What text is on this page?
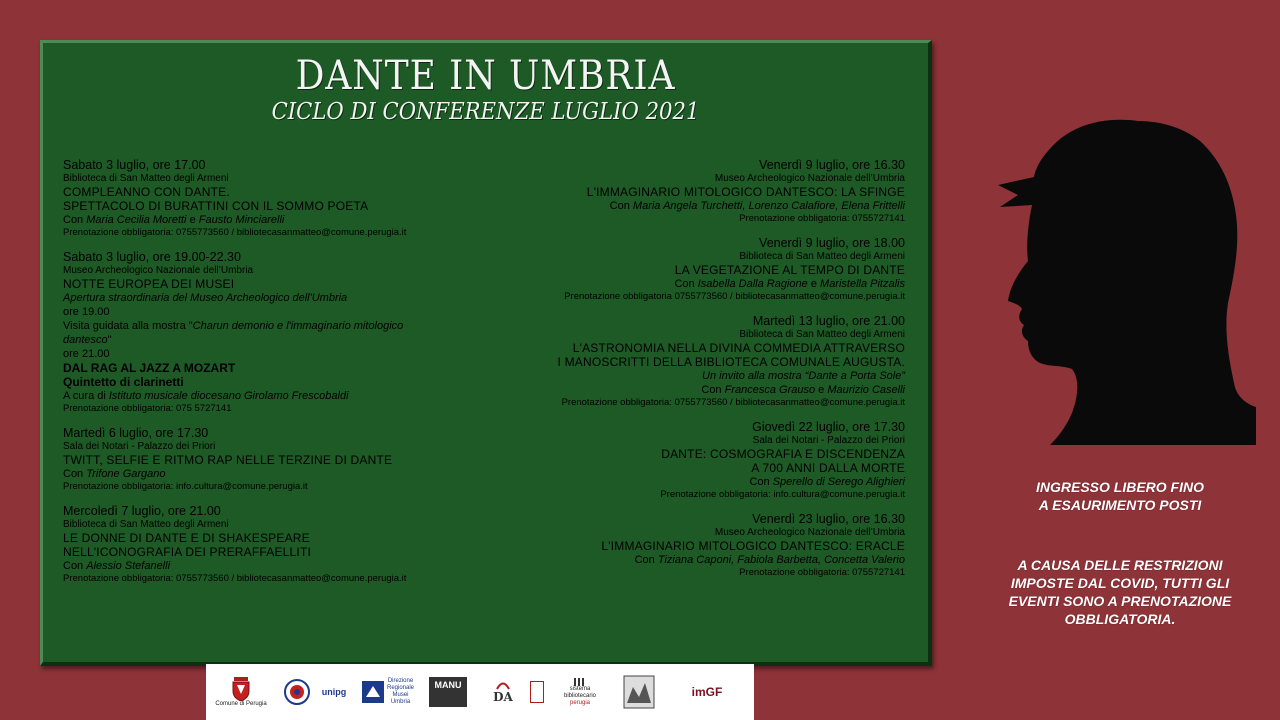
DANTE IN UMBRIA
CICLO DI CONFERENZE LUGLIO 2021
Sabato 3 luglio, ore 17.00
Biblioteca di San Matteo degli Armeni
COMPLEANNO CON DANTE.
SPETTACOLO DI BURATTINI CON IL SOMMO POETA
Con Maria Cecilia Moretti e Fausto Minciarelli
Prenotazione obbligatoria: 0755773560 / bibliotecasanmatteo@comune.perugia.it
Sabato 3 luglio, ore 19.00-22.30
Museo Archeologico Nazionale dell’Umbria
NOTTE EUROPEA DEI MUSEI
Apertura straordinaria del Museo Archeologico dell'Umbria
ore 19.00
Visita guidata alla mostra "Charun demonio e l'immaginario mitologico
dantesco"
ore 21.00
DAL RAG AL JAZZ A MOZART
Quintetto di clarinetti
A cura di Istituto musicale diocesano Girolamo Frescobaldi
Prenotazione obbligatoria: 075 5727141
Martedì 6 luglio, ore 17.30
Sala dei Notari - Palazzo dei Priori
TWITT, SELFIE E RITMO RAP NELLE TERZINE DI DANTE
Con Trifone Gargano
Prenotazione obbligatoria: info.cultura@comune.perugia.it
Mercoledì 7 luglio, ore 21.00
Biblioteca di San Matteo degli Armeni
LE DONNE DI DANTE E DI SHAKESPEARE
NELL'ICONOGRAFIA DEI PRERAFFAELLITI
Con Alessio Stefanelli
Prenotazione obbligatoria: 0755773560 / bibliotecasanmatteo@comune.perugia.it
Venerdì 9 luglio, ore 16.30
Museo Archeologico Nazionale dell’Umbria
L'IMMAGINARIO MITOLOGICO DANTESCO: LA SFINGE
Con Maria Angela Turchetti, Lorenzo Calafiore, Elena Frittelli
Prenotazione obbligatoria: 0755727141
Venerdì 9 luglio, ore 18.00
Biblioteca di San Matteo degli Armeni
LA VEGETAZIONE AL TEMPO DI DANTE
Con Isabella Dalla Ragione e Maristella Pitzalis
Prenotazione obbligatoria 0755773560 / bibliotecasanmatteo@comune.perugia.it
Martedì 13 luglio, ore 21.00
Biblioteca di San Matteo degli Armeni
L'ASTRONOMIA NELLA DIVINA COMMEDIA ATTRAVERSO
I MANOSCRITTI DELLA BIBLIOTECA COMUNALE AUGUSTA.
Un invito alla mostra “Dante a Porta Sole”
Con Francesca Grauso e Maurizio Caselli
Prenotazione obbligatoria: 0755773560 / bibliotecasanmatteo@comune.perugia.it
Giovedì 22 luglio, ore 17.30
Sala dei Notari - Palazzo dei Priori
DANTE: COSMOGRAFIA E DISCENDENZA
A 700 ANNI DALLA MORTE
Con Sperello di Serego Alighieri
Prenotazione obbligatoria: info.cultura@comune.perugia.it
Venerdì 23 luglio, ore 16.30
Museo Archeologico Nazionale dell’Umbria
L'IMMAGINARIO MITOLOGICO DANTESCO: ERACLE
Con Tiziana Caponi, Fabiola Barbetta, Concetta Valerio
Prenotazione obbligatoria: 0755727141
INGRESSO LIBERO FINO
A ESAURIMENTO POSTI
A CAUSA DELLE RESTRIZIONI
IMPOSTE DAL COVID, TUTTI GLI
EVENTI SONO A PRENOTAZIONE
OBBLIGATORIA.
Comune di Perugia
unipg
Direzione
Regionale
Musei
Umbria
MANU
DA
sistema
bibliotecario
perugia
imGF
